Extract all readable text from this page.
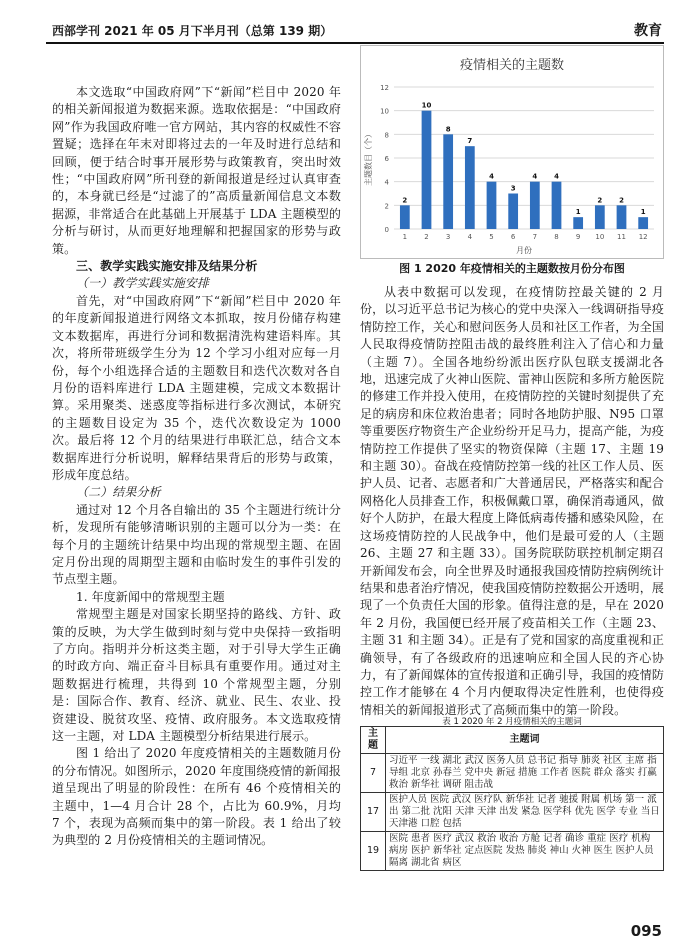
西部学刊 2021 年 05 月下半月刊（总第 139 期）	教育

本文选取“中国政府网”下“新闻”栏目中 2020 年的相关新闻报道为数据来源。选取依据是：“中国政府网”作为我国政府唯一官方网站，其内容的权威性不容置疑；选择在年末对即将过去的一年及时进行总结和回顾，便于结合时事开展形势与政策教育，突出时效性；“中国政府网”所刊登的新闻报道是经过认真审查的，本身就已经是“过滤了的”高质量新闻信息文本数据源，非常适合在此基础上开展基于 LDA 主题模型的分析与研讨，从而更好地理解和把握国家的形势与政策。

三、教学实践实施安排及结果分析

（一）教学实践实施安排

首先，对“中国政府网”下“新闻”栏目中 2020 年的年度新闻报道进行网络文本抓取，按月份储存构建文本数据库，再进行分词和数据清洗构建语料库。其次，将所带班级学生分为 12 个学习小组对应每一月份，每个小组选择合适的主题数目和迭代次数对各自月份的语料库进行 LDA 主题建模，完成文本数据计算。采用聚类、迷惑度等指标进行多次测试，本研究的主题数目设定为 35 个，迭代次数设定为 1000 次。最后将 12 个月的结果进行串联汇总，结合文本数据库进行分析说明，解释结果背后的形势与政策，形成年度总结。

（二）结果分析

通过对 12 个月各自输出的 35 个主题进行统计分析，发现所有能够清晰识别的主题可以分为一类：在每个月的主题统计结果中均出现的常规型主题、在固定月份出现的周期型主题和由临时发生的事件引发的节点型主题。

1. 年度新闻中的常规型主题

常规型主题是对国家长期坚持的路线、方针、政策的反映，为大学生做到时刻与党中央保持一致指明了方向。指明并分析这类主题，对于引导大学生正确的时政方向、端正奋斗目标具有重要作用。通过对主题数据进行梳理，共得到 10 个常规型主题，分别是：国际合作、教育、经济、就业、民生、农业、投资建设、脱贫攻坚、疫情、政府服务。本文选取疫情这一主题，对 LDA 主题模型分析结果进行展示。

图 1 给出了 2020 年度疫情相关的主题数随月份的分布情况。如图所示，2020 年度围绕疫情的新闻报道呈现出了明显的阶段性：在所有 46 个疫情相关的主题中，1—4 月合计 28 个，占比为 60.9%，月均 7 个，表现为高频而集中的第一阶段。表 1 给出了较为典型的 2 月份疫情相关的主题词情况。

疫情相关的主题数
0
2
4
6
8
10
12
2
1
10
2
8
3
7
4
4
5
3
6
4
7
4
8
1
9
2
10
2
11
1
12
月份
主题数目（个）
图 1 2020 年疫情相关的主题数按月份分布图

从表中数据可以发现，在疫情防控最关键的 2 月份，以习近平总书记为核心的党中央深入一线调研指导疫情防控工作，关心和慰问医务人员和社区工作者，为全国人民取得疫情防控阻击战的最终胜利注入了信心和力量（主题 7）。全国各地纷纷派出医疗队包联支援湖北各地，迅速完成了火神山医院、雷神山医院和多所方舱医院的修建工作并投入使用，在疫情防控的关键时刻提供了充足的病房和床位救治患者；同时各地防护服、N95 口罩等重要医疗物资生产企业纷纷开足马力，提高产能，为疫情防控工作提供了坚实的物资保障（主题 17、主题 19 和主题 30）。奋战在疫情防控第一线的社区工作人员、医护人员、记者、志愿者和广大普通居民，严格落实和配合网格化人员排查工作，积极佩戴口罩，确保消毒通风，做好个人防护，在最大程度上降低病毒传播和感染风险，在这场疫情防控的人民战争中，他们是最可爱的人（主题 26、主题 27 和主题 33）。国务院联防联控机制定期召开新闻发布会，向全世界及时通报我国疫情防控病例统计结果和患者治疗情况，使我国疫情防控数据公开透明，展现了一个负责任大国的形象。值得注意的是，早在 2020 年 2 月份，我国便已经开展了疫苗相关工作（主题 23、主题 31 和主题 34）。正是有了党和国家的高度重视和正确领导，有了各级政府的迅速响应和全国人民的齐心协力，有了新闻媒体的宣传报道和正确引导，我国的疫情防控工作才能够在 4 个月内便取得决定性胜利，也使得疫情相关的新闻报道形式了高频而集中的第一阶段。

表 1 2020 年 2 月疫情相关的主题词
主题	主题词
7	习近平 一线 湖北 武汉 医务人员 总书记 指导 肺炎 社区 主席 指导组 北京 孙春兰 党中央 新冠 措施 工作者 医院 群众 落实 打赢 救治 新华社 调研 阻击战
17	医护人员 医院 武汉 医疗队 新华社 记者 驰援 附属 机场 第一 派出 第二批 沈阳 天津 天津 出发 紧急 医学科 优先 医学 专业 当日 天津港 口腔 包括
19	医院 患者 医疗 武汉 救治 收治 方舱 记者 确诊 重症 医疗 机构 病房 医护 新华社 定点医院 发热 肺炎 神山 火神 医生 医护人员 隔离 湖北省 病区
095
